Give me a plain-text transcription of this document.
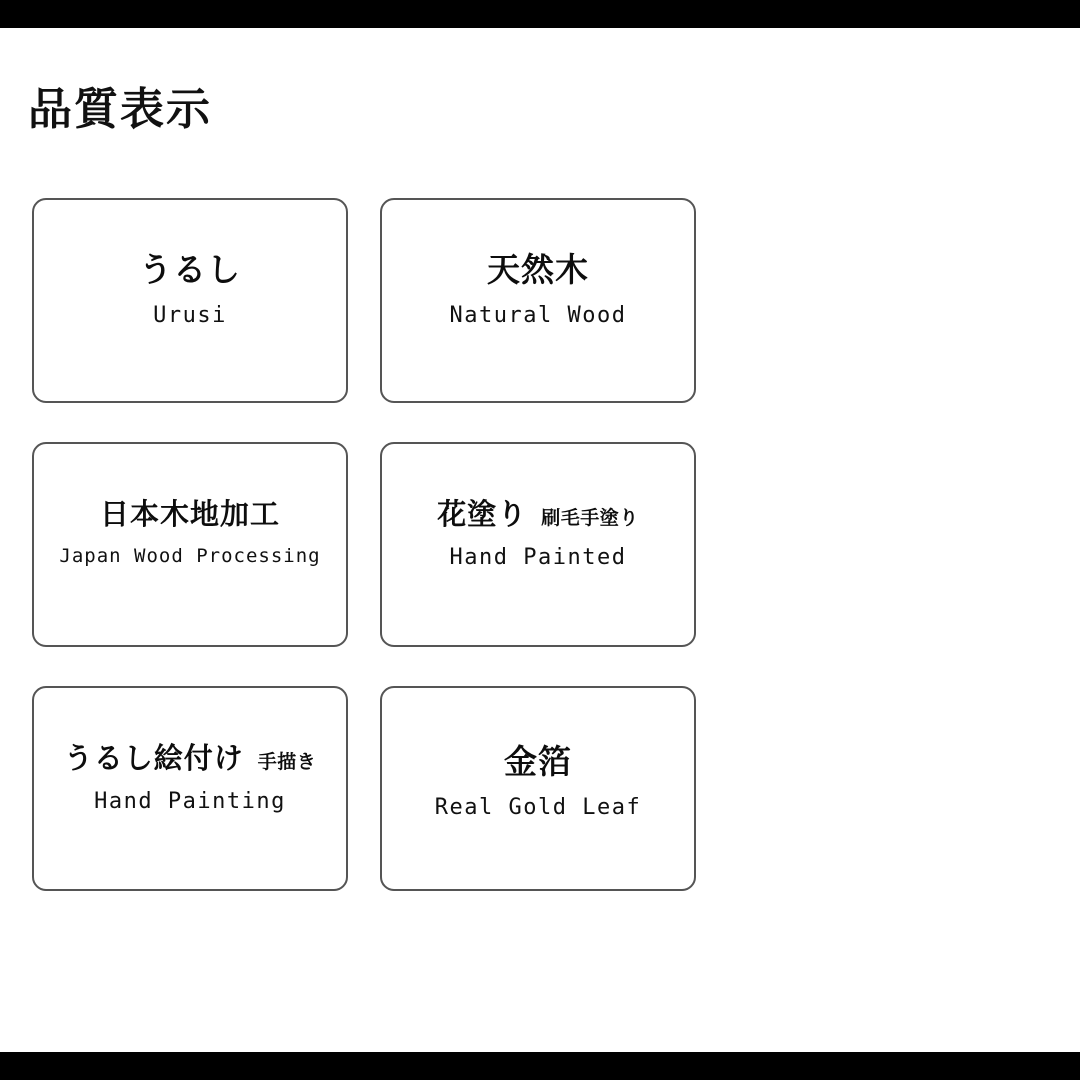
品質表示
うるし
Urusi
天然木
Natural Wood
日本木地加工
Japan Wood Processing
花塗り 刷毛手塗り
Hand Painted
うるし絵付け 手描き
Hand Painting
金箔
Real Gold Leaf
